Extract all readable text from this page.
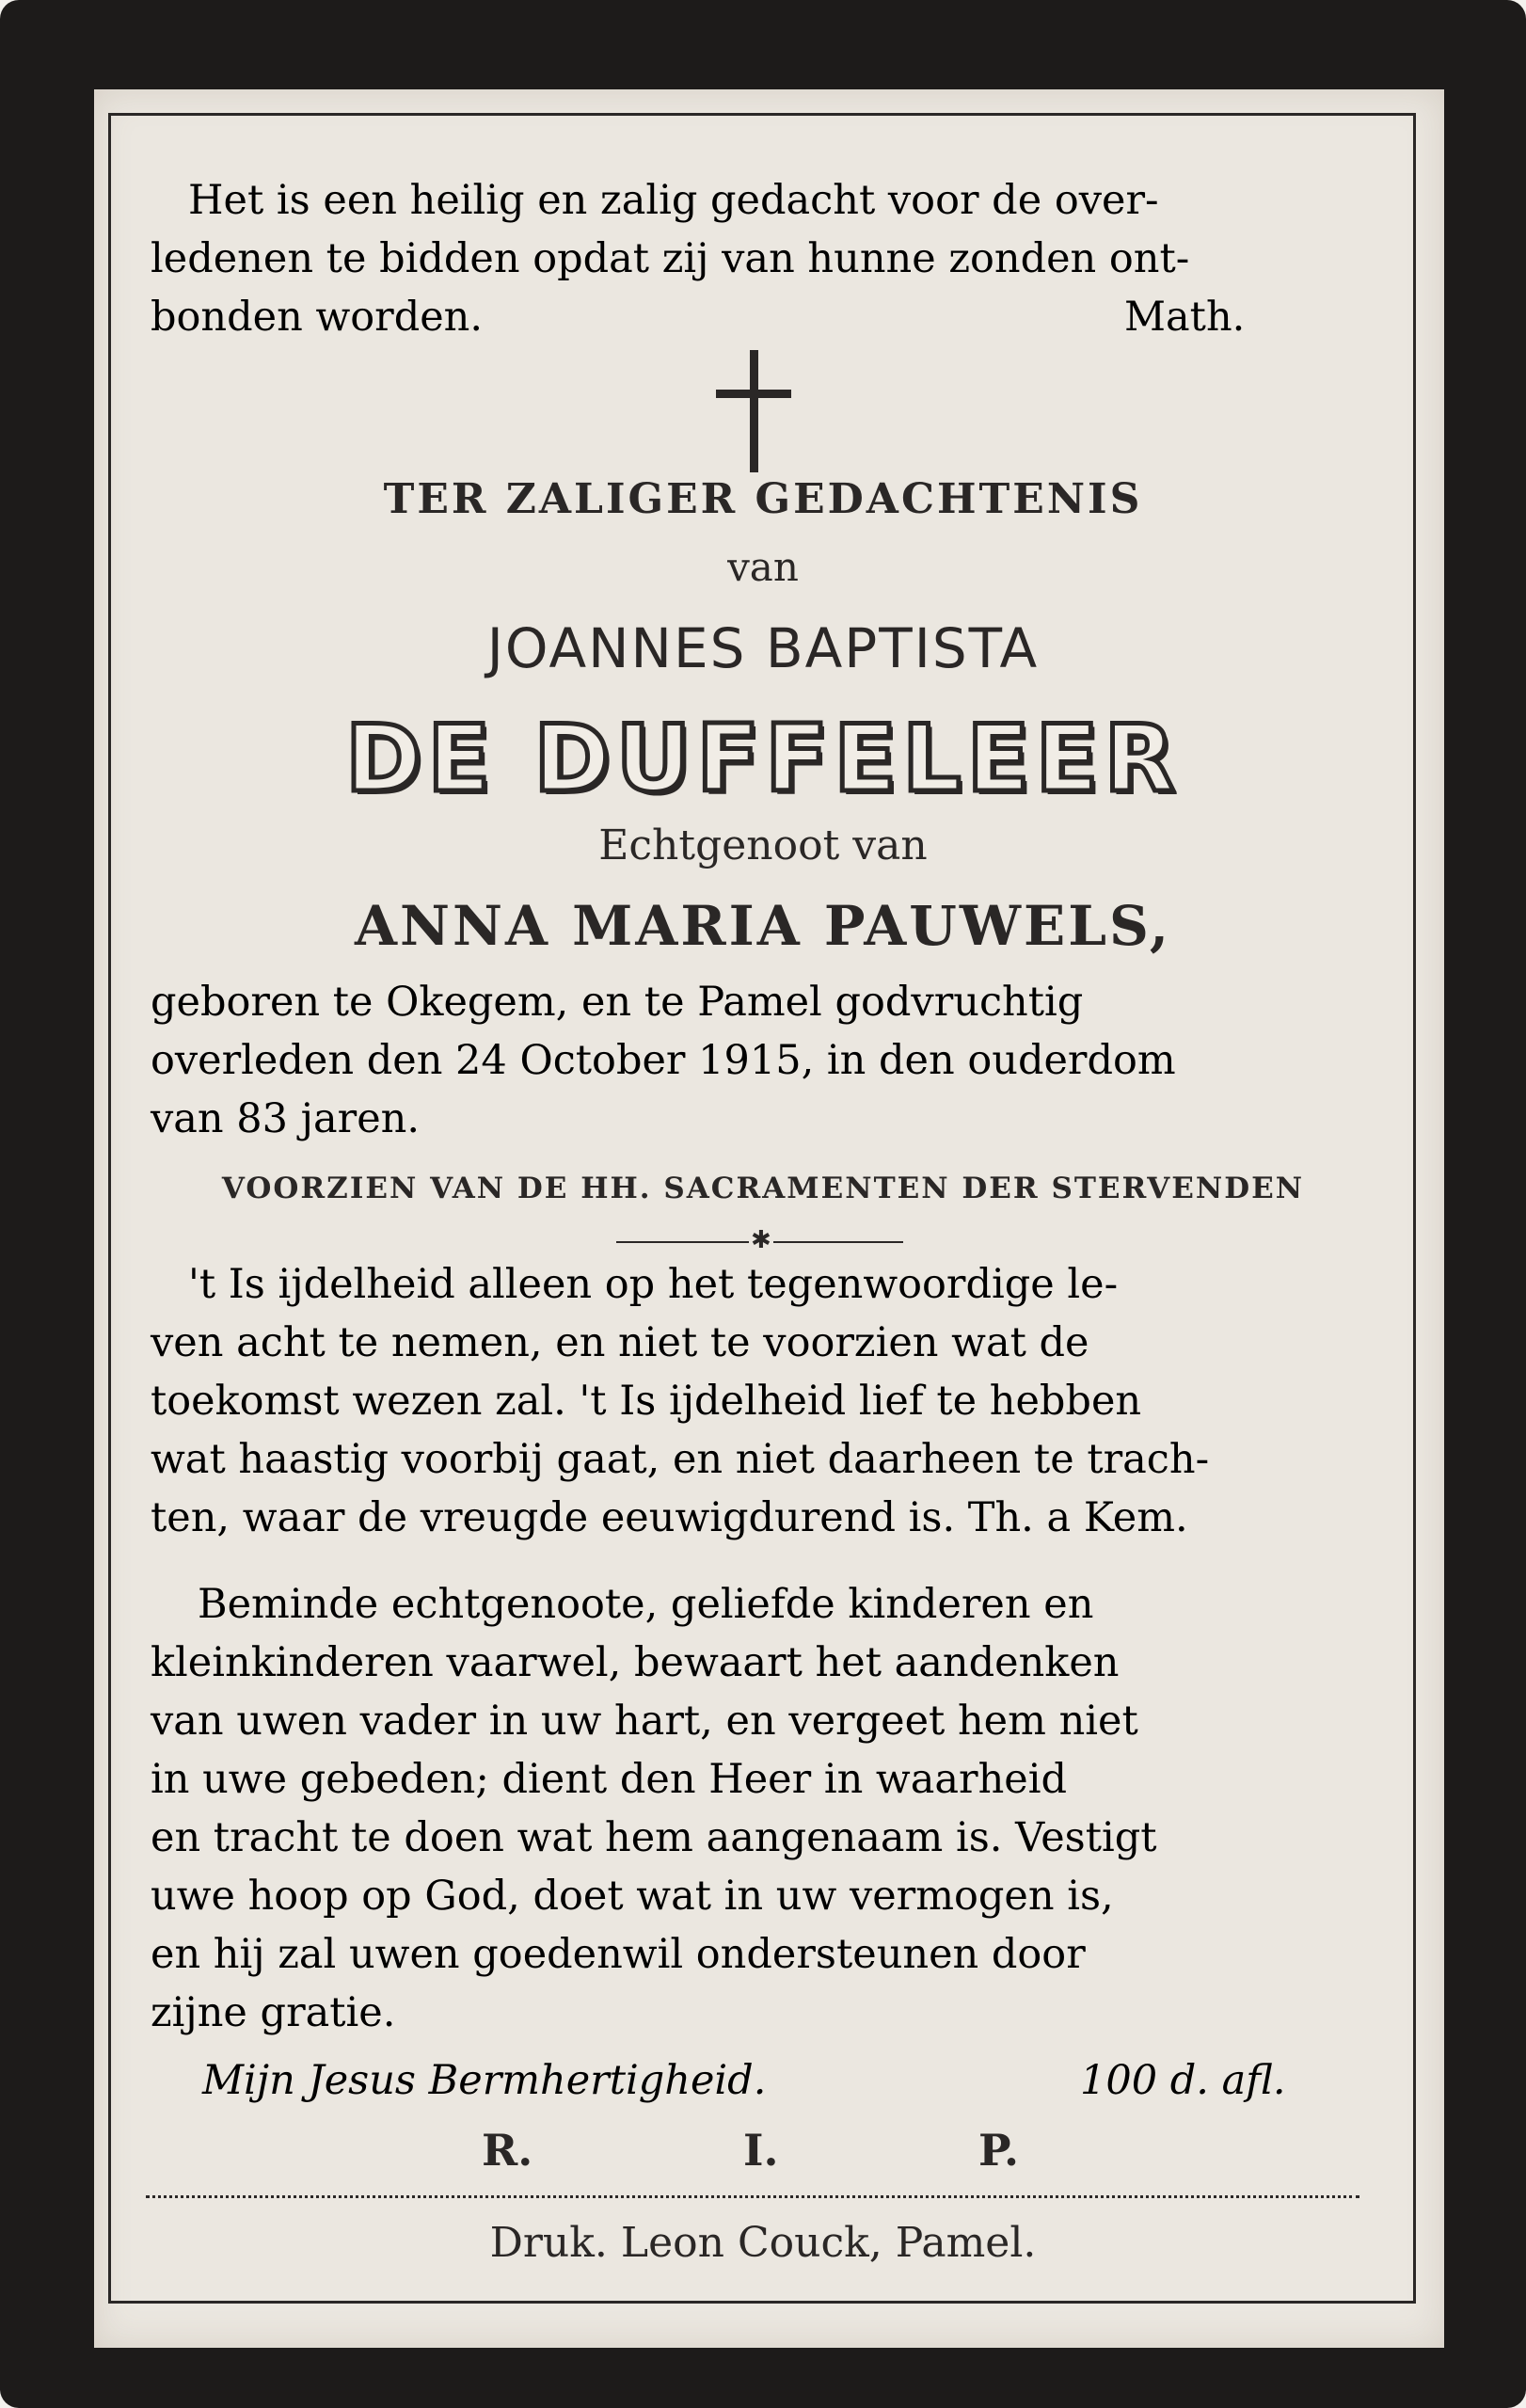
Het is een heilig en zalig gedacht voor de over-
ledenen te bidden opdat zij van hunne zonden ont-
bonden worden.	Math.
TER ZALIGER GEDACHTENIS
van
JOANNES BAPTISTA
DE DUFFELEER
Echtgenoot van
ANNA MARIA PAUWELS,
geboren te Okegem, en te Pamel godvruchtig
overleden den 24 October 1915, in den ouderdom
van 83 jaren.
VOORZIEN VAN DE HH. SACRAMENTEN DER STERVENDEN
✱
't Is ijdelheid alleen op het tegenwoordige le-
ven acht te nemen, en niet te voorzien wat de
toekomst wezen zal. 't Is ijdelheid lief te hebben
wat haastig voorbij gaat, en niet daarheen te trach-
ten, waar de vreugde eeuwigdurend is. Th. a Kem.
Beminde echtgenoote, geliefde kinderen en
kleinkinderen vaarwel, bewaart het aandenken
van uwen vader in uw hart, en vergeet hem niet
in uwe gebeden; dient den Heer in waarheid
en tracht te doen wat hem aangenaam is. Vestigt
uwe hoop op God, doet wat in uw vermogen is,
en hij zal uwen goedenwil ondersteunen door
zijne gratie.
Mijn Jesus Bermhertigheid.	100 d. afl.
R.	I.	P.
Druk. Leon Couck, Pamel.
